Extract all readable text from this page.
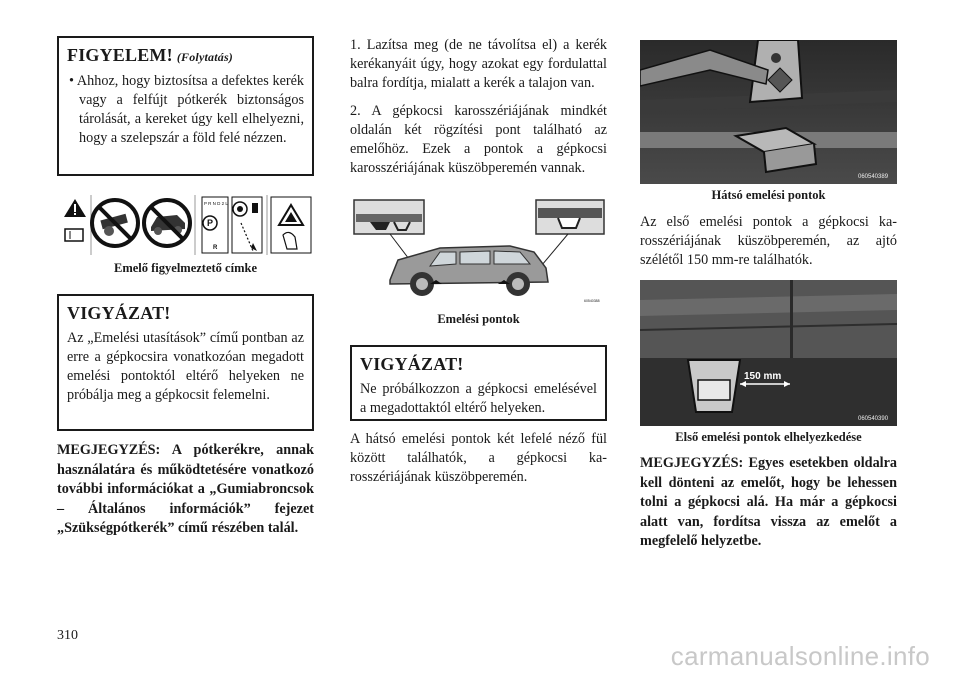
FIGYELEM! (Folytatás)
• Ahhoz, hogy biztosítsa a defektes kerék vagy a felfújt pótkerék biztonságos tárolását, a kereket úgy kell elhelyezni, hogy a szelepszár a föld felé nézzen.
P R N D 2 L
P
R
Emelő figyelmeztető címke
VIGYÁZAT!

Az „Emelési utasítások” című pontban az erre a gépkocsira vonatkozóan megadott emelési pontoktól eltérő helyeken ne próbálja meg a gépkocsit felemelni.

MEGJEGYZÉS: A pótkerékre, annak használatára és működtetésére vonatkozó további információkat a „Gumiabroncsok – Általános információk” fejezet „Szükségpótkerék” című részében talál.

1. Lazítsa meg (de ne távolítsa el) a kerék kerékanyáit úgy, hogy azokat egy fordulattal balra fordítja, mialatt a kerék a talajon van.

2. A gépkocsi karosszériájának mindkét oldalán két rögzítési pont található az emelőhöz. Ezek a pontok a gépkocsi karosszériájának küszöbperemén vannak.

60540388
Emelési pontok
VIGYÁZAT!

Ne próbálkozzon a gépkocsi emelésével a megadottaktól eltérő helyeken.

A hátsó emelési pontok két lefelé néző fül között találhatók, a gépkocsi karosszériájának küszöbperemén.

060540389
Hátsó emelési pontok

Az első emelési pontok a gépkocsi karosszériájának küszöbperemén, az ajtó szélétől 150 mm-re találhatók.

150 mm
060540390
Első emelési pontok elhelyezkedése

MEGJEGYZÉS: Egyes esetekben oldalra kell dönteni az emelőt, hogy be lehessen tolni a gépkocsi alá. Ha már a gépkocsi alatt van, fordítsa vissza az emelőt a megfelelő helyzetbe.

310
carmanualsonline.info
